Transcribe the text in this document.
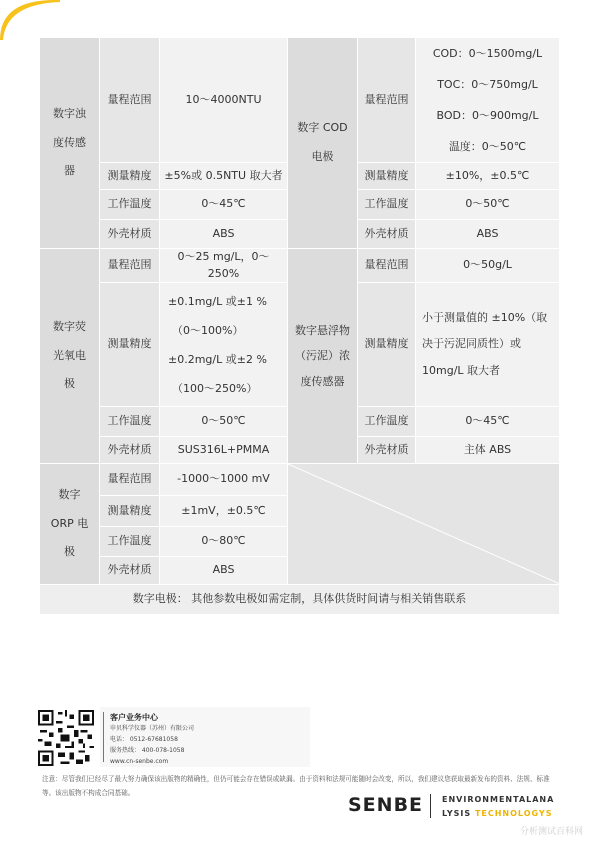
数字浊度传感器	量程范围	10～4000NTU	数字 COD 电极	量程范围	COD：0～1500mg/L

TOC：0～750mg/L

BOD：0～900mg/L

温度：0～50℃

	测量精度	±5%或 0.5NTU 取大者		测量精度	±10%，±0.5℃
	工作温度	0～45℃		工作温度	0～50℃
	外壳材质	ABS		外壳材质	ABS
数字荧光氧电极	量程范围	0～25 mg/L，0～250%	数字悬浮物（污泥）浓度传感器	量程范围	0～50g/L
	测量精度	±0.1mg/L 或±1 %

（0～100%）

±0.2mg/L 或±2 %

（100～250%）		测量精度	小于测量值的 ±10%（取决于污泥同质性）或 10mg/L 取大者
	工作温度	0～50℃		工作温度	0～45℃
	外壳材质	SUS316L+PMMA		外壳材质	主体 ABS
数字 ORP 电极	量程范围	-1000～1000 mV	

	测量精度	±1mV，±0.5℃			
	工作温度	0～80℃			
	外壳材质	ABS			
数字电极： 其他参数电极如需定制，具体供货时间请与相关销售联系					
客户业务中心
申贝科学仪器（苏州）有限公司
电话： 0512-67681058
服务热线： 400-078-1058
www.cn-senbe.com
注意：尽管我们已经尽了最大努力确保该出版物的精确性，但仍可能会存在错误或缺漏。由于资料和法规可能随时会改变，所以，我们建议您获取最新发布的资料、法规、标准等。该出版物不构成合同基础。
SENBE ENVIRONMENTALANA
LYSIS TECHNOLOGYS
分析测试百科网
